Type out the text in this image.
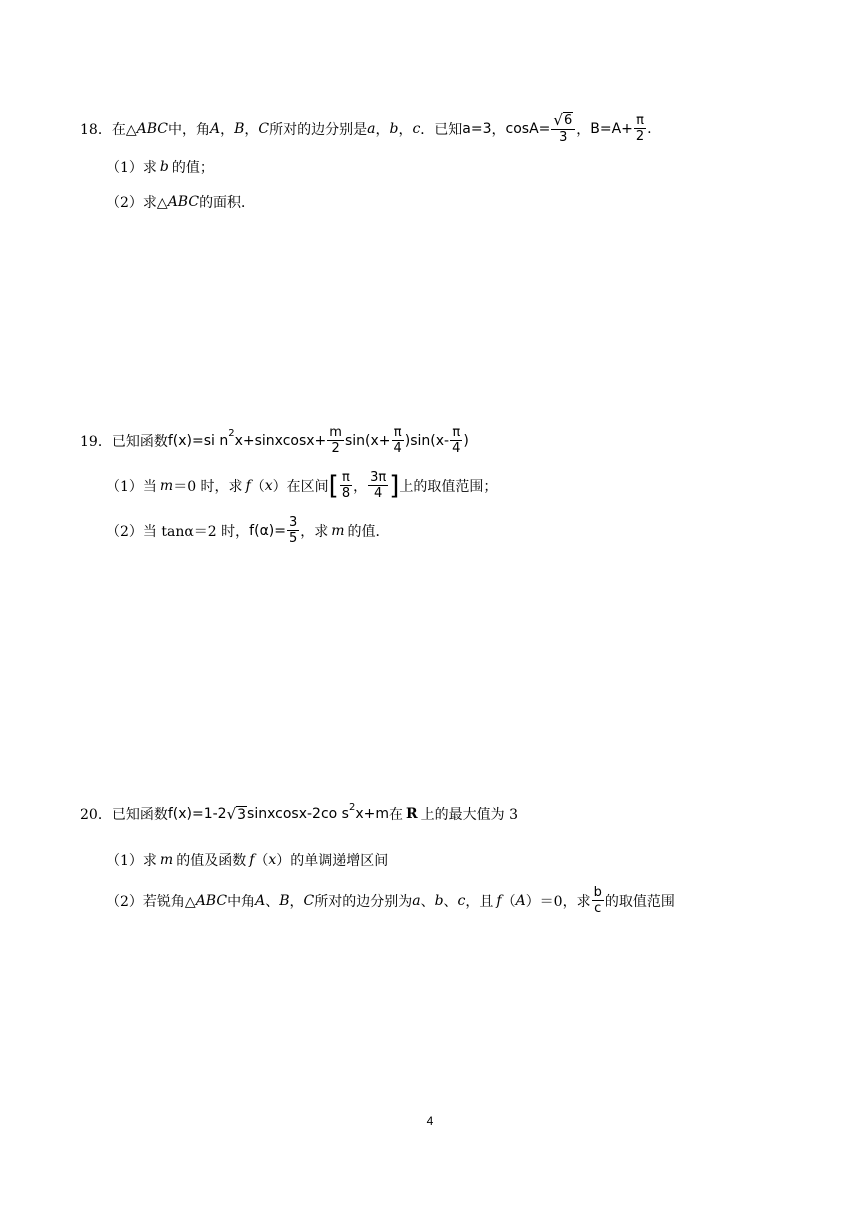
18． 在△ ABC 中，角 A ， B ， C 所对的边分别是 a ， b ， c ．已知 a=3 ， $\cos A= \frac{√ 6}{3}$ ， $B=A+ \frac{\pi}{2}$ .
（1）求 b 的值；
（2）求△ ABC 的面积．
19． 已知函数 f(x)=si n 2 x+sinxcosx+ $\frac{m}{2} \sin(x+ \frac{\pi}{4} )\sin(x- \frac{\pi}{4}$ )
（1）当 m ＝0 时，求 f （ x ）在区间 [ $\frac{\pi}{8}$ ， $\frac{3\pi}{4}$ ] 上的取值范围；
（2）当 tanα＝2 时， $f(\alpha)= \frac{3}{5}$ ，求 m 的值．
20． 已知函数 f(x)=1-2 √ 3 sinxcosx-2co s 2 x+m 在 R 上的最大值为 3
（1）求 m 的值及函数 f （ x ）的单调递增区间
（2）若锐角△ ABC 中角 A 、 B ， C 所对的边分别为 a 、 b 、 c ，且 f （ A ）＝0，求 $\frac{b}{c}$ 的取值范围
4
